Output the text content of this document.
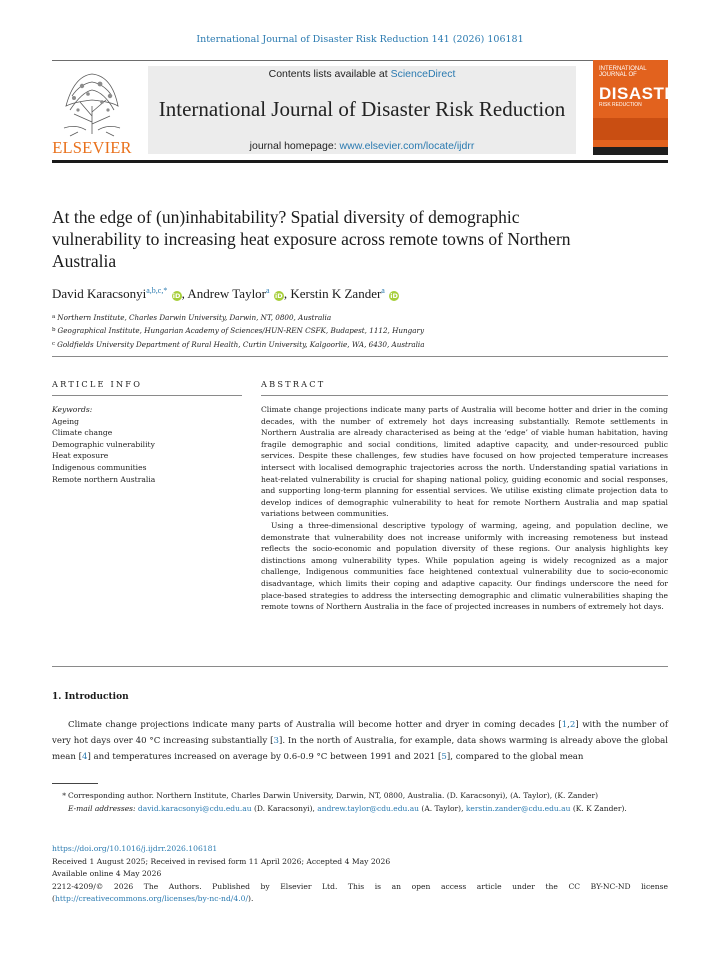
International Journal of Disaster Risk Reduction 141 (2026) 106181
ELSEVIER
Contents lists available at ScienceDirect
International Journal of Disaster Risk Reduction
journal homepage: www.elsevier.com/locate/ijdrr
INTERNATIONAL JOURNAL OF
DISASTER
RISK REDUCTION
At the edge of (un)inhabitability? Spatial diversity of demographic vulnerability to increasing heat exposure across remote towns of Northern Australia
David Karacsonyi$^{a,b,c,*}$ iD, Andrew Taylor$^a$ iD, Kerstin K Zander$^a$ iD
$^a$ Northern Institute, Charles Darwin University, Darwin, NT, 0800, Australia
$^b$ Geographical Institute, Hungarian Academy of Sciences/HUN-REN CSFK, Budapest, 1112, Hungary
$^c$ Goldfields University Department of Rural Health, Curtin University, Kalgoorlie, WA, 6430, Australia
ARTICLE INFO	ABSTRACT
Keywords:
Ageing
Climate change
Demographic vulnerability
Heat exposure
Indigenous communities
Remote northern Australia

Climate change projections indicate many parts of Australia will become hotter and drier in the coming decades, with the number of extremely hot days increasing substantially. Remote settlements in Northern Australia are already characterised as being at the ‘edge’ of viable human habitation, having fragile demographic and social conditions, limited adaptive capacity, and under-resourced public services. Despite these challenges, few studies have focused on how projected temperature increases intersect with localised demographic trajectories across the north. Understanding spatial variations in heat-related vulnerability is crucial for shaping national policy, guiding economic and social responses, and supporting long-term planning for essential services. We utilise existing climate projection data to develop indices of demographic vulnerability to heat for remote Northern Australia and map spatial variations between communities.

Using a three-dimensional descriptive typology of warming, ageing, and population decline, we demonstrate that vulnerability does not increase uniformly with increasing remoteness but instead reflects the socio-economic and population diversity of these regions. Our analysis highlights key distinctions among vulnerability types. While population ageing is widely recognized as a major challenge, Indigenous communities face heightened contextual vulnerability due to socio-economic disadvantage, which limits their coping and adaptive capacity. Our findings underscore the need for place-based strategies to address the intersecting demographic and climatic vulnerabilities shaping the remote towns of Northern Australia in the face of projected increases in numbers of extremely hot days.

1. Introduction
Climate change projections indicate many parts of Australia will become hotter and dryer in coming decades [1,2] with the number of very hot days over 40 °C increasing substantially [3]. In the north of Australia, for example, data shows warming is already above the global mean [4] and temperatures increased on average by 0.6-0.9 °C between 1991 and 2021 [5], compared to the global mean
* Corresponding author. Northern Institute, Charles Darwin University, Darwin, NT, 0800, Australia. (D. Karacsonyi), (A. Taylor), (K. Zander)
E-mail addresses: david.karacsonyi@cdu.edu.au (D. Karacsonyi), andrew.taylor@cdu.edu.au (A. Taylor), kerstin.zander@cdu.edu.au (K. K Zander).
https://doi.org/10.1016/j.ijdrr.2026.106181
Received 1 August 2025; Received in revised form 11 April 2026; Accepted 4 May 2026
Available online 4 May 2026
2212-4209/© 2026 The Authors. Published by Elsevier Ltd. This is an open access article under the CC BY-NC-ND license (http://creativecommons.org/licenses/by-nc-nd/4.0/).
